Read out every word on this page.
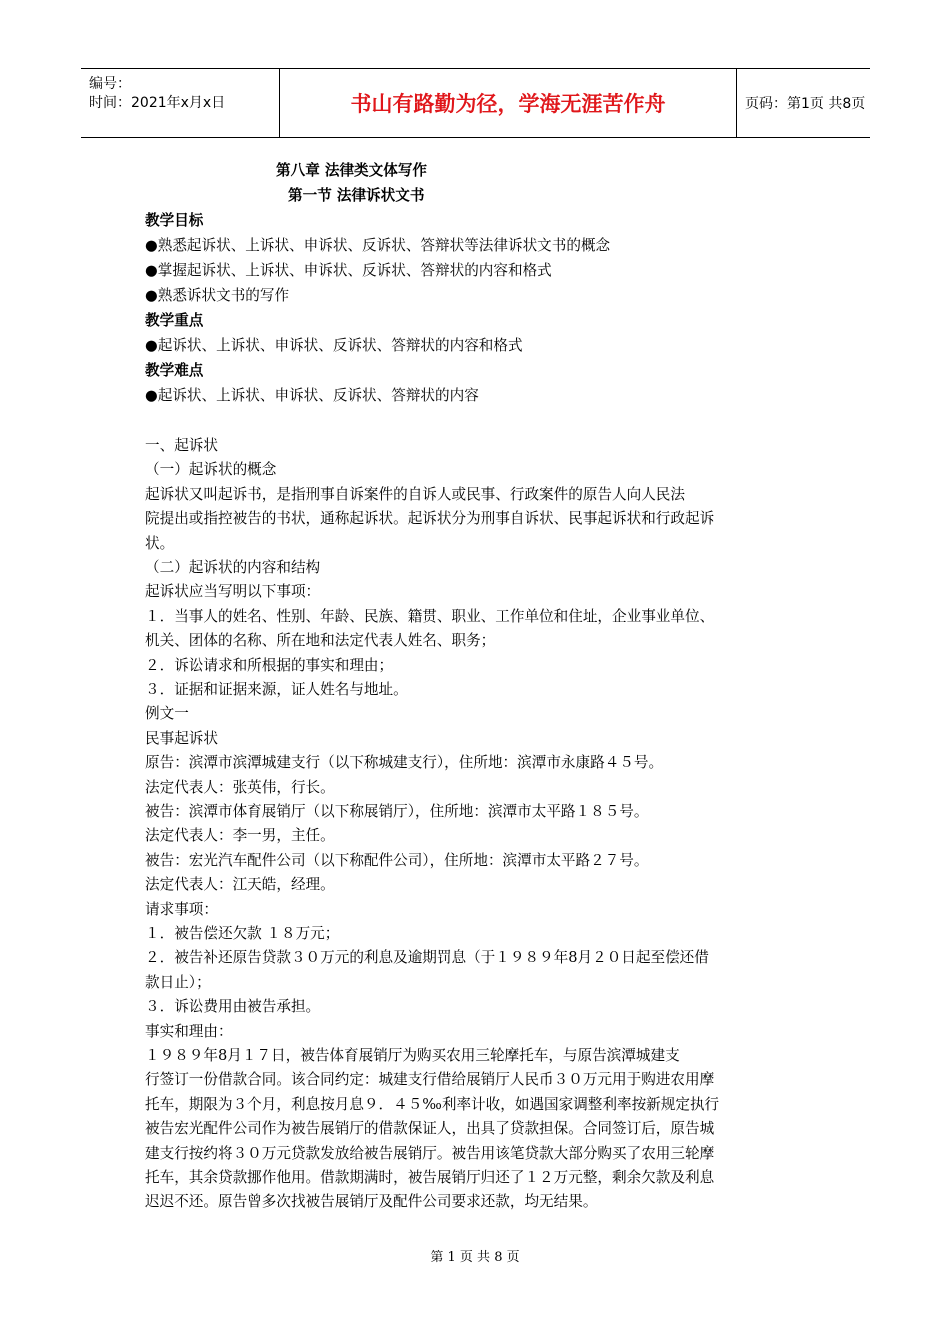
编号：
时间：2021年x月x日	书山有路勤为径，学海无涯苦作舟	页码：第1页 共8页
第八章 法律类文体写作
第一节 法律诉状文书
教学目标
●熟悉起诉状、上诉状、申诉状、反诉状、答辩状等法律诉状文书的概念
●掌握起诉状、上诉状、申诉状、反诉状、答辩状的内容和格式
●熟悉诉状文书的写作
教学重点
●起诉状、上诉状、申诉状、反诉状、答辩状的内容和格式
教学难点
●起诉状、上诉状、申诉状、反诉状、答辩状的内容
一、起诉状
（一）起诉状的概念
起诉状又叫起诉书，是指刑事自诉案件的自诉人或民事、行政案件的原告人向人民法
院提出或指控被告的书状，通称起诉状。起诉状分为刑事自诉状、民事起诉状和行政起诉
状。
（二）起诉状的内容和结构
起诉状应当写明以下事项：
１．当事人的姓名、性别、年龄、民族、籍贯、职业、工作单位和住址，企业事业单位、
机关、团体的名称、所在地和法定代表人姓名、职务；
２．诉讼请求和所根据的事实和理由；
３．证据和证据来源，证人姓名与地址。
例文一
民事起诉状
原告：滨潭市滨潭城建支行（以下称城建支行），住所地：滨潭市永康路４５号。
法定代表人：张英伟，行长。
被告：滨潭市体育展销厅（以下称展销厅），住所地：滨潭市太平路１８５号。
法定代表人：李一男，主任。
被告：宏光汽车配件公司（以下称配件公司），住所地：滨潭市太平路２７号。
法定代表人：江天皓，经理。
请求事项：
１．被告偿还欠款 １８万元；
２．被告补还原告贷款３０万元的利息及逾期罚息（于１９８９年8月２０日起至偿还借
款日止）；
３．诉讼费用由被告承担。
事实和理由：
１９８９年8月１７日，被告体育展销厅为购买农用三轮摩托车，与原告滨潭城建支
行签订一份借款合同。该合同约定：城建支行借给展销厅人民币３０万元用于购进农用摩
托车，期限为３个月，利息按月息９．４５‰利率计收，如遇国家调整利率按新规定执行
被告宏光配件公司作为被告展销厅的借款保证人，出具了贷款担保。合同签订后，原告城
建支行按约将３０万元贷款发放给被告展销厅。被告用该笔贷款大部分购买了农用三轮摩
托车，其余贷款挪作他用。借款期满时，被告展销厅归还了１２万元整，剩余欠款及利息
迟迟不还。原告曾多次找被告展销厅及配件公司要求还款，均无结果。
第 1 页 共 8 页
